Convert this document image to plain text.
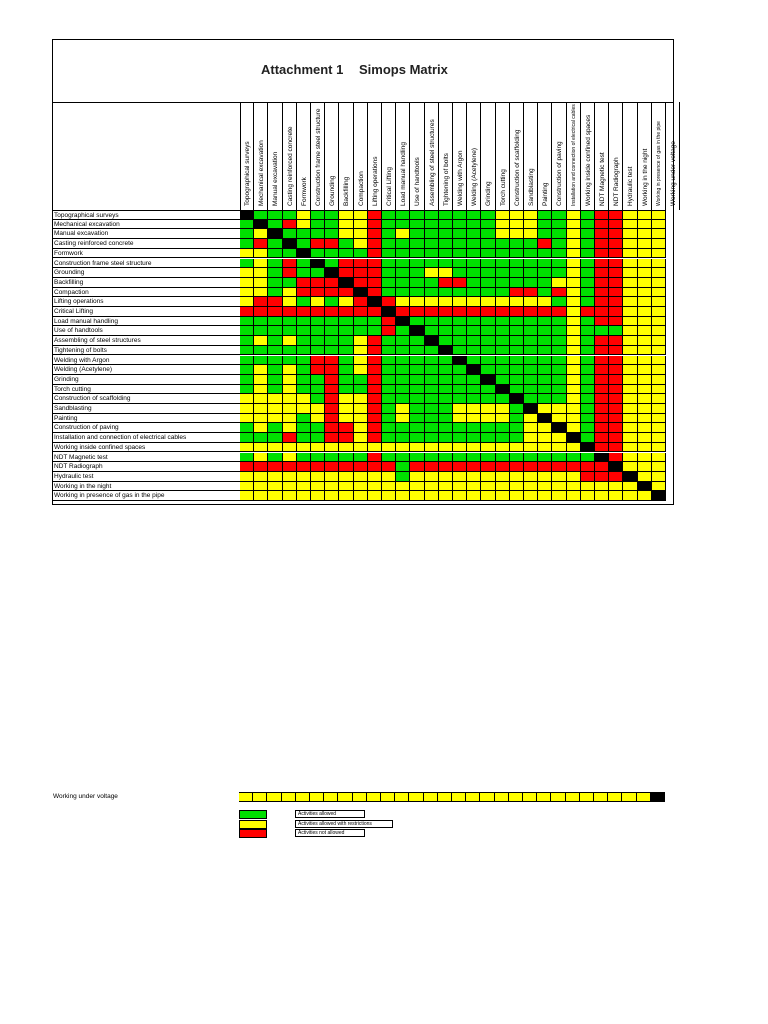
Attachment 1 Simops Matrix
Topographical surveys Mechanical excavation Manual excavation Casting reinforced concrete Formwork Construction frame steel structure Grounding Backfilling Compaction Lifting operations Critical Lifting Load manual handling Use of handtools Assembling of steel structures Tightening of bolts Welding with Argon Welding (Acetylene) Grinding Torch cutting Construction of scaffolding Sandblasting Painting Construction of paving Installation and connection of electrical cables Working inside confined spaces NDT Magnetic test NDT Radiograph Hydraulic test Working in the night Working in presence of gas in the pipe Working under voltage
Topographical surveys
Mechanical excavation
Manual excavation
Casting reinforced concrete
Formwork
Construction frame steel structure
Grounding
Backfilling
Compaction
Lifting operations
Critical Lifting
Load manual handling
Use of handtools
Assembling of steel structures
Tightening of bolts
Welding with Argon
Welding (Acetylene)
Grinding
Torch cutting
Construction of scaffolding
Sandblasting
Painting
Construction of paving
Installation and connection of electrical cables
Working inside confined spaces
NDT Magnetic test
NDT Radiograph
Hydraulic test
Working in the night
Working in presence of gas in the pipe
Working under voltage
Activities allowed
Activities allowed with restrictions
Activities not allowed
